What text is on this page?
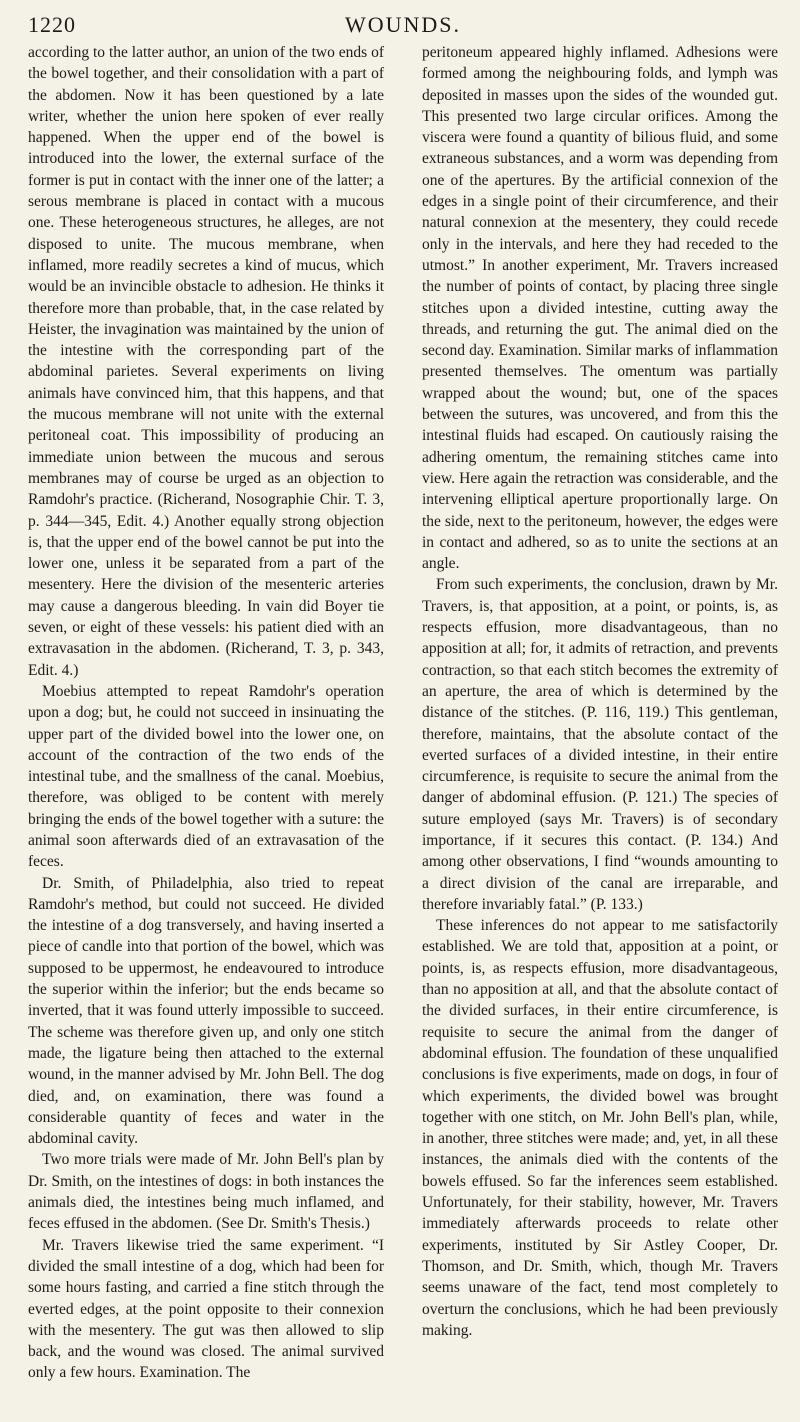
1220	WOUNDS.

according to the latter author, an union of the two ends of the bowel together, and their consolidation with a part of the abdomen. Now it has been questioned by a late writer, whether the union here spoken of ever really happened. When the upper end of the bowel is introduced into the lower, the external surface of the former is put in contact with the inner one of the latter; a serous membrane is placed in contact with a mucous one. These heterogeneous structures, he alleges, are not disposed to unite. The mucous membrane, when inflamed, more readily secretes a kind of mucus, which would be an invincible obstacle to adhesion. He thinks it therefore more than probable, that, in the case related by Heister, the invagination was maintained by the union of the intestine with the corresponding part of the abdominal parietes. Several experiments on living animals have convinced him, that this happens, and that the mucous membrane will not unite with the external peritoneal coat. This impossibility of producing an immediate union between the mucous and serous membranes may of course be urged as an objection to Ramdohr's practice. (Richerand, Nosographie Chir. T. 3, p. 344—345, Edit. 4.) Another equally strong objection is, that the upper end of the bowel cannot be put into the lower one, unless it be separated from a part of the mesentery. Here the division of the mesenteric arteries may cause a dangerous bleeding. In vain did Boyer tie seven, or eight of these vessels: his patient died with an extravasation in the abdomen. (Richerand, T. 3, p. 343, Edit. 4.)

Moebius attempted to repeat Ramdohr's operation upon a dog; but, he could not succeed in insinuating the upper part of the divided bowel into the lower one, on account of the contraction of the two ends of the intestinal tube, and the smallness of the canal. Moebius, therefore, was obliged to be content with merely bringing the ends of the bowel together with a suture: the animal soon afterwards died of an extravasation of the feces.

Dr. Smith, of Philadelphia, also tried to repeat Ramdohr's method, but could not succeed. He divided the intestine of a dog transversely, and having inserted a piece of candle into that portion of the bowel, which was supposed to be uppermost, he endeavoured to introduce the superior within the inferior; but the ends became so inverted, that it was found utterly impossible to succeed. The scheme was therefore given up, and only one stitch made, the ligature being then attached to the external wound, in the manner advised by Mr. John Bell. The dog died, and, on examination, there was found a considerable quantity of feces and water in the abdominal cavity.

Two more trials were made of Mr. John Bell's plan by Dr. Smith, on the intestines of dogs: in both instances the animals died, the intestines being much inflamed, and feces effused in the abdomen. (See Dr. Smith's Thesis.)

Mr. Travers likewise tried the same experiment. “I divided the small intestine of a dog, which had been for some hours fasting, and carried a fine stitch through the everted edges, at the point opposite to their connexion with the mesentery. The gut was then allowed to slip back, and the wound was closed. The animal survived only a few hours. Examination. The

peritoneum appeared highly inflamed. Adhesions were formed among the neighbouring folds, and lymph was deposited in masses upon the sides of the wounded gut. This presented two large circular orifices. Among the viscera were found a quantity of bilious fluid, and some extraneous substances, and a worm was depending from one of the apertures. By the artificial connexion of the edges in a single point of their circumference, and their natural connexion at the mesentery, they could recede only in the intervals, and here they had receded to the utmost.” In another experiment, Mr. Travers increased the number of points of contact, by placing three single stitches upon a divided intestine, cutting away the threads, and returning the gut. The animal died on the second day. Examination. Similar marks of inflammation presented themselves. The omentum was partially wrapped about the wound; but, one of the spaces between the sutures, was uncovered, and from this the intestinal fluids had escaped. On cautiously raising the adhering omentum, the remaining stitches came into view. Here again the retraction was considerable, and the intervening elliptical aperture proportionally large. On the side, next to the peritoneum, however, the edges were in contact and adhered, so as to unite the sections at an angle.

From such experiments, the conclusion, drawn by Mr. Travers, is, that apposition, at a point, or points, is, as respects effusion, more disadvantageous, than no apposition at all; for, it admits of retraction, and prevents contraction, so that each stitch becomes the extremity of an aperture, the area of which is determined by the distance of the stitches. (P. 116, 119.) This gentleman, therefore, maintains, that the absolute contact of the everted surfaces of a divided intestine, in their entire circumference, is requisite to secure the animal from the danger of abdominal effusion. (P. 121.) The species of suture employed (says Mr. Travers) is of secondary importance, if it secures this contact. (P. 134.) And among other observations, I find “wounds amounting to a direct division of the canal are irreparable, and therefore invariably fatal.” (P. 133.)

These inferences do not appear to me satisfactorily established. We are told that, apposition at a point, or points, is, as respects effusion, more disadvantageous, than no apposition at all, and that the absolute contact of the divided surfaces, in their entire circumference, is requisite to secure the animal from the danger of abdominal effusion. The foundation of these unqualified conclusions is five experiments, made on dogs, in four of which experiments, the divided bowel was brought together with one stitch, on Mr. John Bell's plan, while, in another, three stitches were made; and, yet, in all these instances, the animals died with the contents of the bowels effused. So far the inferences seem established. Unfortunately, for their stability, however, Mr. Travers immediately afterwards proceeds to relate other experiments, instituted by Sir Astley Cooper, Dr. Thomson, and Dr. Smith, which, though Mr. Travers seems unaware of the fact, tend most completely to overturn the conclusions, which he had been previously making.
